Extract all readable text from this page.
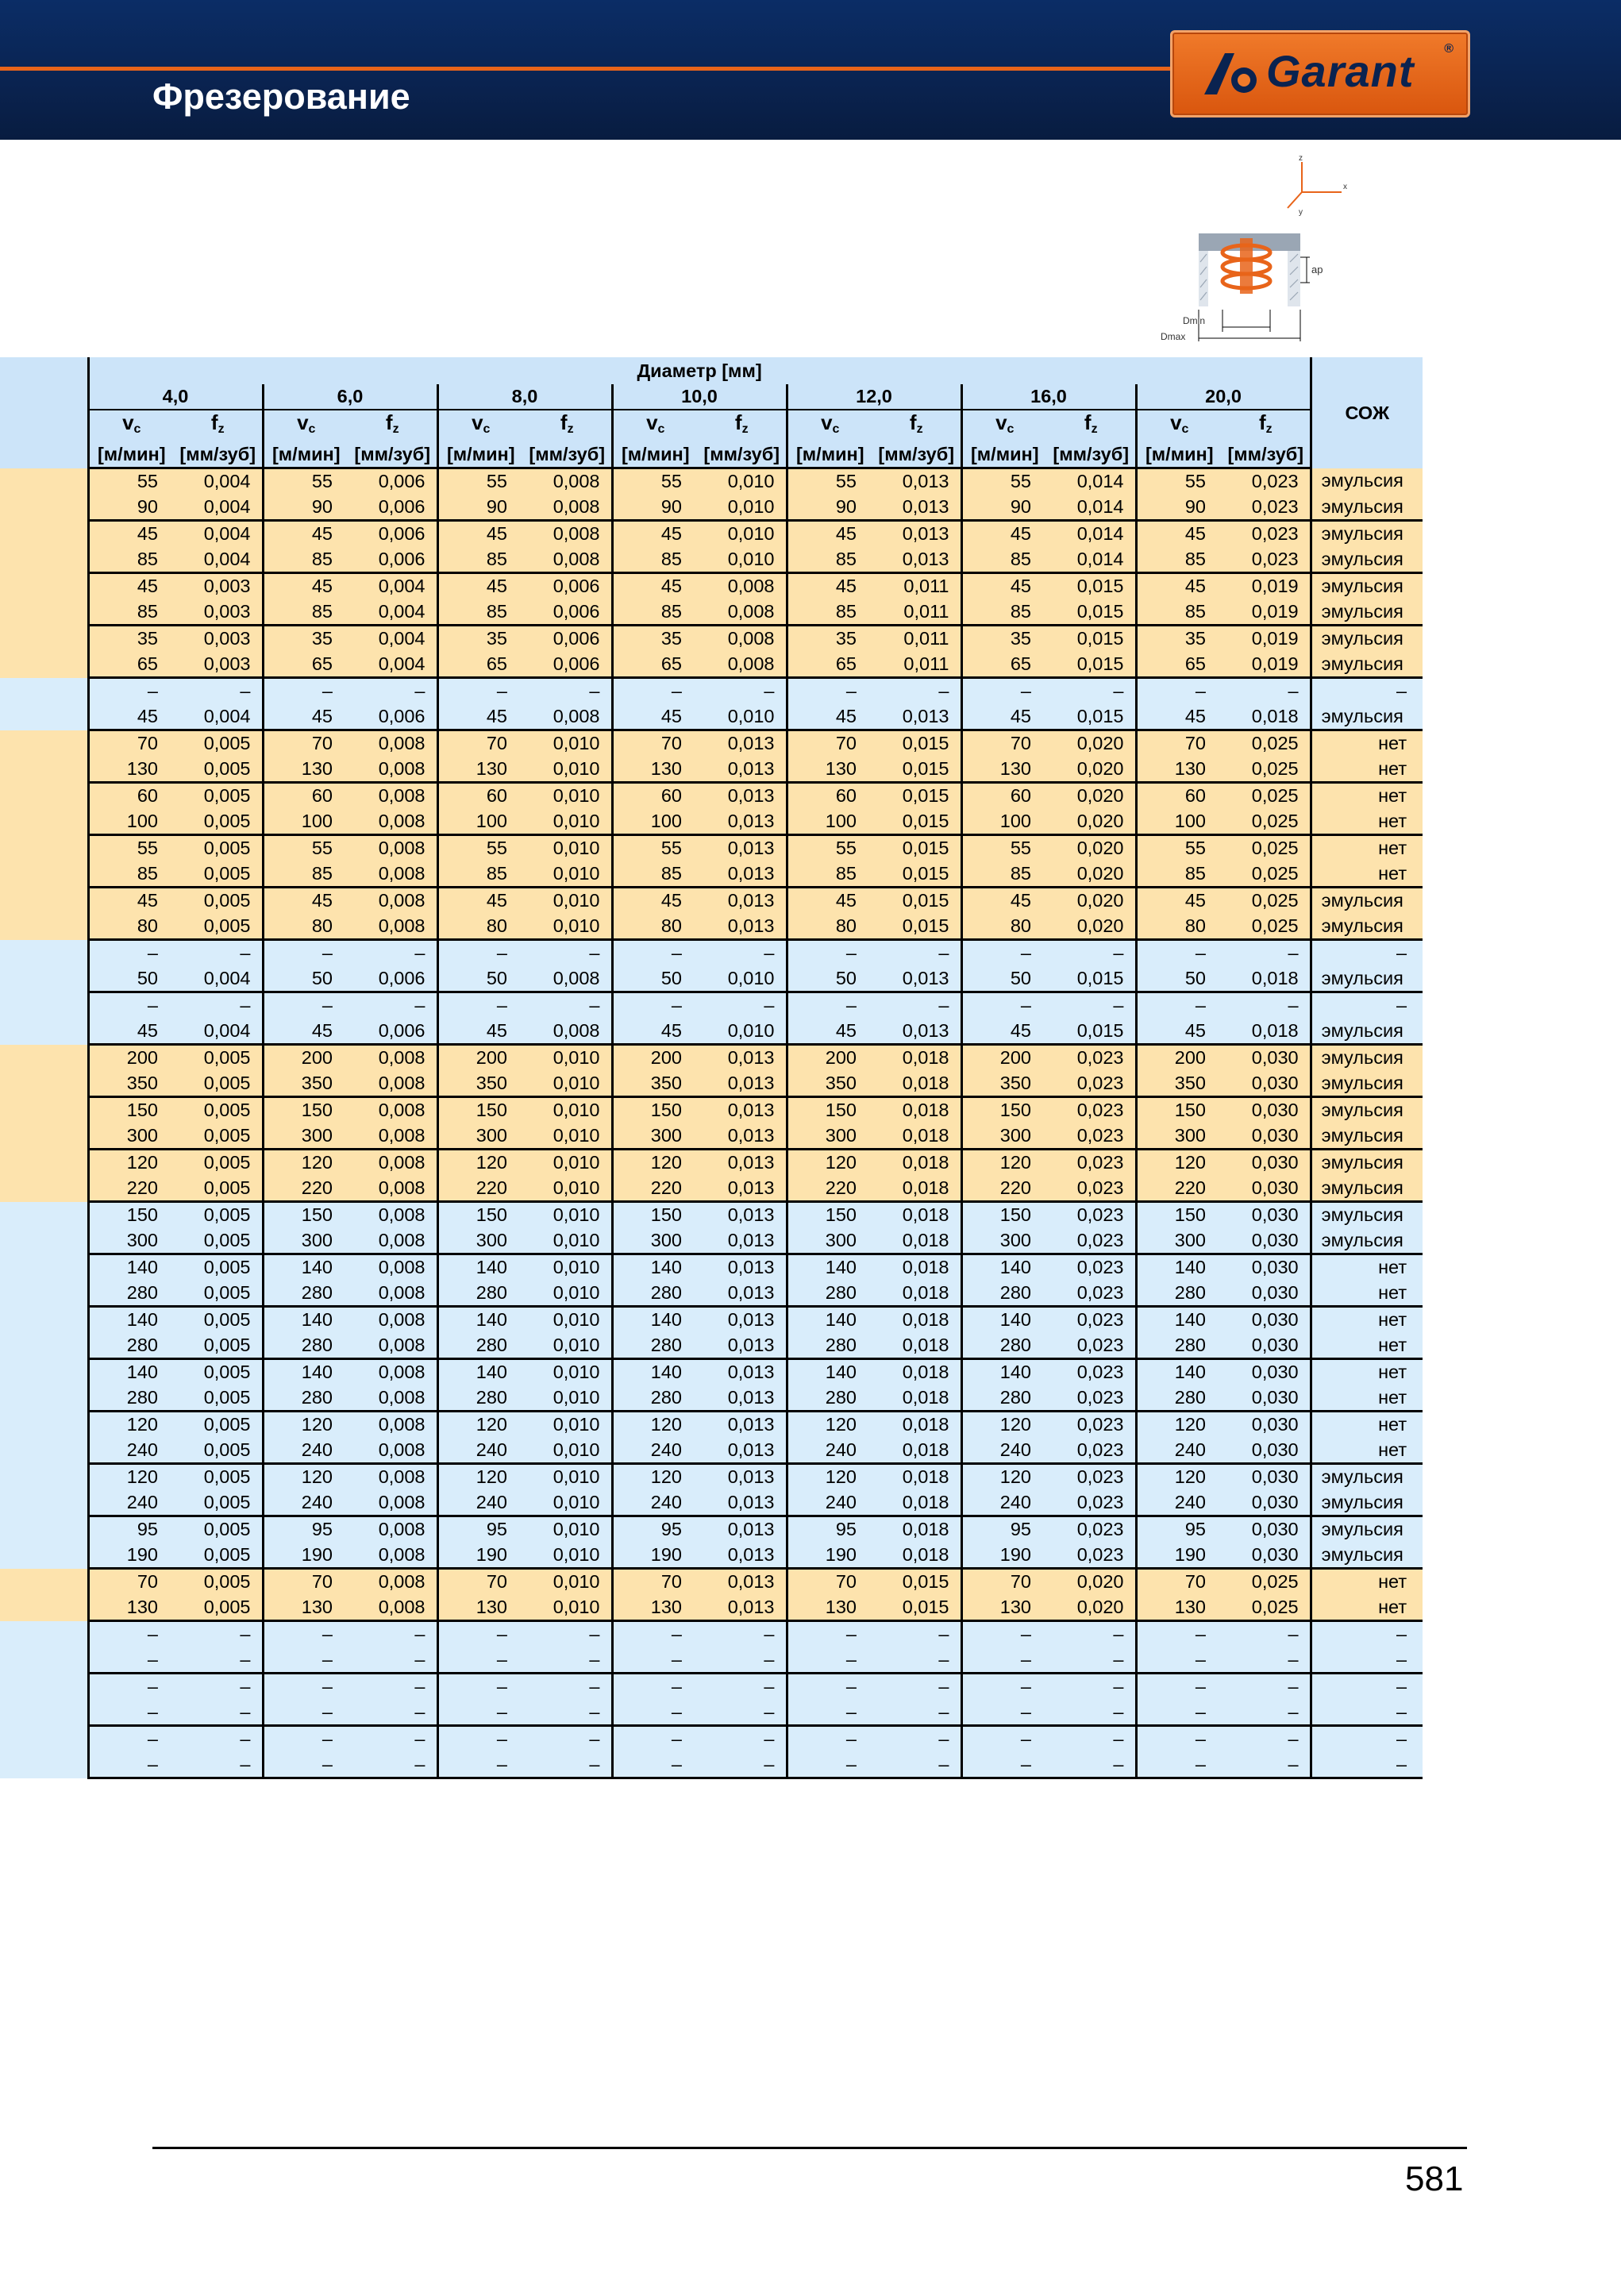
Фрезерование
Garant ®
z
x
y
ap
Dmin
Dmax
	Диаметр [мм]														СОЖ
	4,0		6,0		8,0		10,0		12,0		16,0		20,0		
	$v_c$	$f_z$	$v_c$	$f_z$	$v_c$	$f_z$	$v_c$	$f_z$	$v_c$	$f_z$	$v_c$	$f_z$	$v_c$	$f_z$
	[м/мин]	[мм/зуб]	[м/мин]	[мм/зуб]	[м/мин]	[мм/зуб]	[м/мин]	[мм/зуб]	[м/мин]	[мм/зуб]	[м/мин]	[мм/зуб]	[м/мин]	[мм/зуб]	
	55	0,004	55	0,006	55	0,008	55	0,010	55	0,013	55	0,014	55	0,023	эмульсия
	90	0,004	90	0,006	90	0,008	90	0,010	90	0,013	90	0,014	90	0,023	эмульсия
	45	0,004	45	0,006	45	0,008	45	0,010	45	0,013	45	0,014	45	0,023	эмульсия
	85	0,004	85	0,006	85	0,008	85	0,010	85	0,013	85	0,014	85	0,023	эмульсия
	45	0,003	45	0,004	45	0,006	45	0,008	45	0,011	45	0,015	45	0,019	эмульсия
	85	0,003	85	0,004	85	0,006	85	0,008	85	0,011	85	0,015	85	0,019	эмульсия
	35	0,003	35	0,004	35	0,006	35	0,008	35	0,011	35	0,015	35	0,019	эмульсия
	65	0,003	65	0,004	65	0,006	65	0,008	65	0,011	65	0,015	65	0,019	эмульсия
	–	–	–	–	–	–	–	–	–	–	–	–	–	–	–
	45	0,004	45	0,006	45	0,008	45	0,010	45	0,013	45	0,015	45	0,018	эмульсия
	70	0,005	70	0,008	70	0,010	70	0,013	70	0,015	70	0,020	70	0,025	нет
	130	0,005	130	0,008	130	0,010	130	0,013	130	0,015	130	0,020	130	0,025	нет
	60	0,005	60	0,008	60	0,010	60	0,013	60	0,015	60	0,020	60	0,025	нет
	100	0,005	100	0,008	100	0,010	100	0,013	100	0,015	100	0,020	100	0,025	нет
	55	0,005	55	0,008	55	0,010	55	0,013	55	0,015	55	0,020	55	0,025	нет
	85	0,005	85	0,008	85	0,010	85	0,013	85	0,015	85	0,020	85	0,025	нет
	45	0,005	45	0,008	45	0,010	45	0,013	45	0,015	45	0,020	45	0,025	эмульсия
	80	0,005	80	0,008	80	0,010	80	0,013	80	0,015	80	0,020	80	0,025	эмульсия
	–	–	–	–	–	–	–	–	–	–	–	–	–	–	–
	50	0,004	50	0,006	50	0,008	50	0,010	50	0,013	50	0,015	50	0,018	эмульсия
	–	–	–	–	–	–	–	–	–	–	–	–	–	–	–
	45	0,004	45	0,006	45	0,008	45	0,010	45	0,013	45	0,015	45	0,018	эмульсия
	200	0,005	200	0,008	200	0,010	200	0,013	200	0,018	200	0,023	200	0,030	эмульсия
	350	0,005	350	0,008	350	0,010	350	0,013	350	0,018	350	0,023	350	0,030	эмульсия
	150	0,005	150	0,008	150	0,010	150	0,013	150	0,018	150	0,023	150	0,030	эмульсия
	300	0,005	300	0,008	300	0,010	300	0,013	300	0,018	300	0,023	300	0,030	эмульсия
	120	0,005	120	0,008	120	0,010	120	0,013	120	0,018	120	0,023	120	0,030	эмульсия
	220	0,005	220	0,008	220	0,010	220	0,013	220	0,018	220	0,023	220	0,030	эмульсия
	150	0,005	150	0,008	150	0,010	150	0,013	150	0,018	150	0,023	150	0,030	эмульсия
	300	0,005	300	0,008	300	0,010	300	0,013	300	0,018	300	0,023	300	0,030	эмульсия
	140	0,005	140	0,008	140	0,010	140	0,013	140	0,018	140	0,023	140	0,030	нет
	280	0,005	280	0,008	280	0,010	280	0,013	280	0,018	280	0,023	280	0,030	нет
	140	0,005	140	0,008	140	0,010	140	0,013	140	0,018	140	0,023	140	0,030	нет
	280	0,005	280	0,008	280	0,010	280	0,013	280	0,018	280	0,023	280	0,030	нет
	140	0,005	140	0,008	140	0,010	140	0,013	140	0,018	140	0,023	140	0,030	нет
	280	0,005	280	0,008	280	0,010	280	0,013	280	0,018	280	0,023	280	0,030	нет
	120	0,005	120	0,008	120	0,010	120	0,013	120	0,018	120	0,023	120	0,030	нет
	240	0,005	240	0,008	240	0,010	240	0,013	240	0,018	240	0,023	240	0,030	нет
	120	0,005	120	0,008	120	0,010	120	0,013	120	0,018	120	0,023	120	0,030	эмульсия
	240	0,005	240	0,008	240	0,010	240	0,013	240	0,018	240	0,023	240	0,030	эмульсия
	95	0,005	95	0,008	95	0,010	95	0,013	95	0,018	95	0,023	95	0,030	эмульсия
	190	0,005	190	0,008	190	0,010	190	0,013	190	0,018	190	0,023	190	0,030	эмульсия
	70	0,005	70	0,008	70	0,010	70	0,013	70	0,015	70	0,020	70	0,025	нет
	130	0,005	130	0,008	130	0,010	130	0,013	130	0,015	130	0,020	130	0,025	нет
	–	–	–	–	–	–	–	–	–	–	–	–	–	–	–
	–	–	–	–	–	–	–	–	–	–	–	–	–	–	–
	–	–	–	–	–	–	–	–	–	–	–	–	–	–	–
	–	–	–	–	–	–	–	–	–	–	–	–	–	–	–
	–	–	–	–	–	–	–	–	–	–	–	–	–	–	–
	–	–	–	–	–	–	–	–	–	–	–	–	–	–	–
581
